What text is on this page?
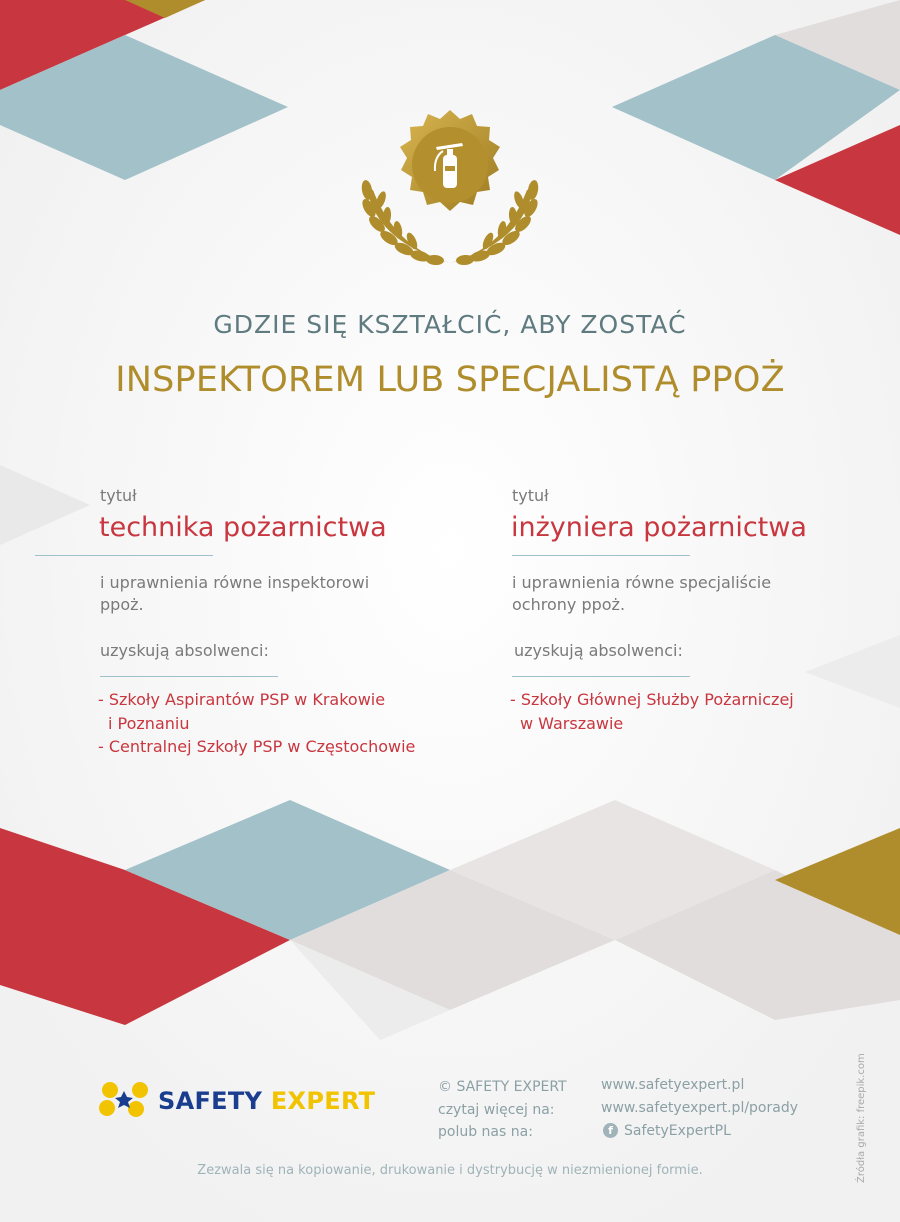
GDZIE SIĘ KSZTAŁCIĆ, ABY ZOSTAĆ
INSPEKTOREM LUB SPECJALISTĄ PPOŻ
tytuł
technika pożarnictwa
i uprawnienia równe inspektorowi
ppoż.
uzyskują absolwenci:
- Szkoły Aspirantów PSP w Krakowie
i Poznaniu
- Centralnej Szkoły PSP w Częstochowie
tytuł
inżyniera pożarnictwa
i uprawnienia równe specjaliście
ochrony ppoż.
uzyskują absolwenci:
- Szkoły Głównej Służby Pożarniczej
w Warszawie
SAFETY EXPERT	© SAFETY EXPERT
czytaj więcej na:
polub nas na:
www.safetyexpert.pl
www.safetyexpert.pl/porady
f SafetyExpertPL
Zezwala się na kopiowanie, drukowanie i dystrybucję w niezmienionej formie.	Źródła grafik: freepik.com
